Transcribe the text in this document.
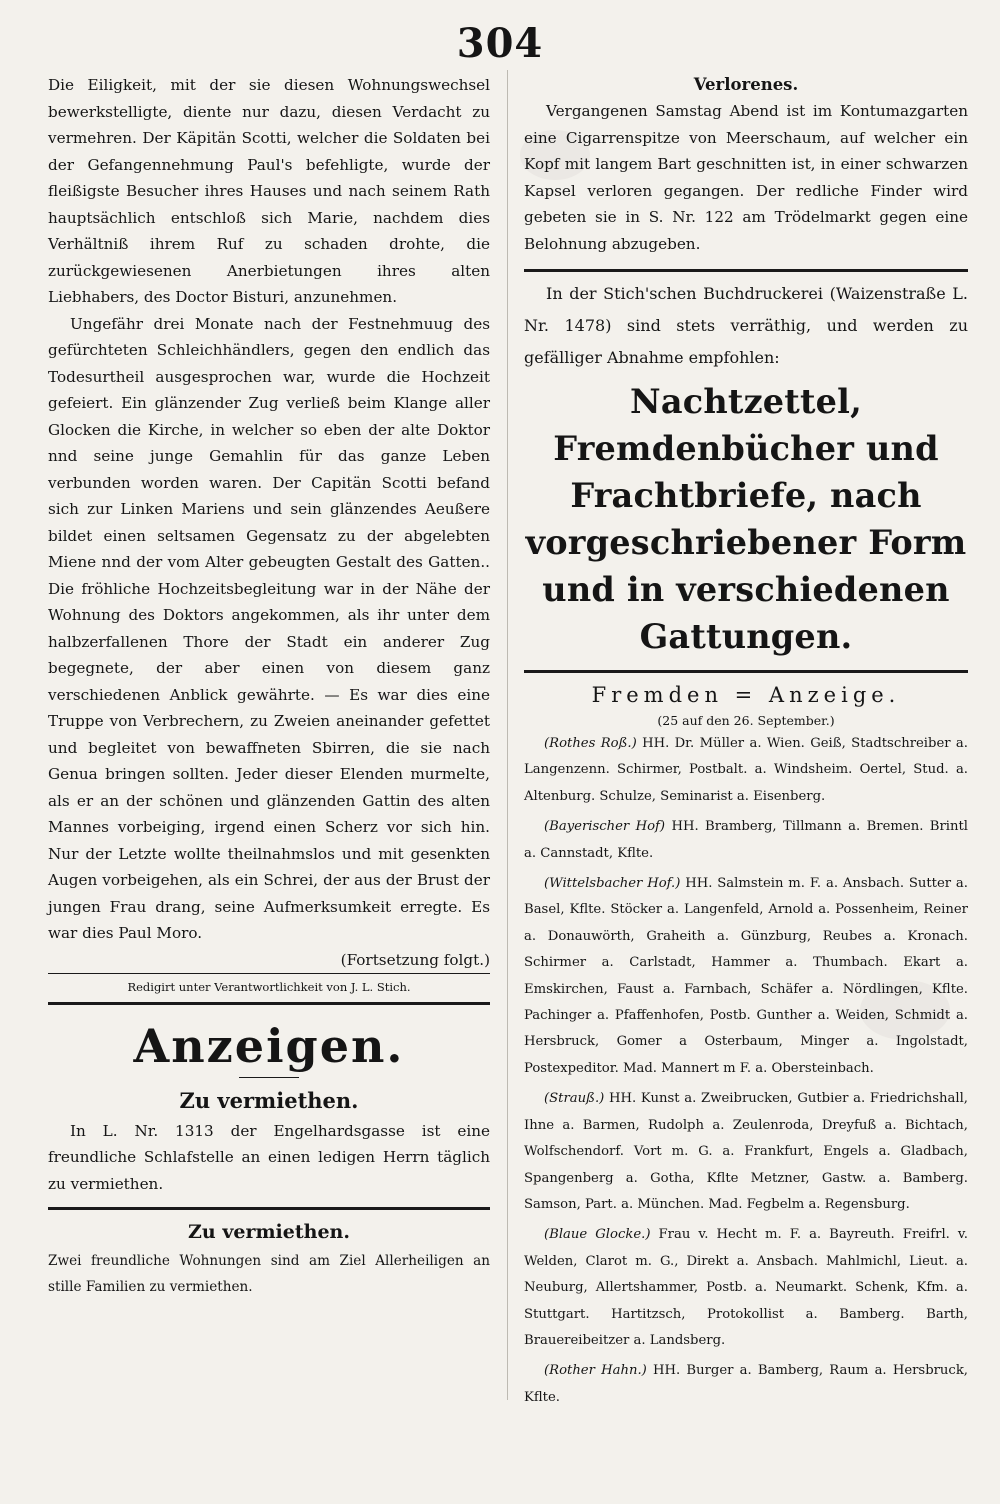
304

Die Eiligkeit, mit der sie diesen Wohnungswechsel bewerkstelligte, diente nur dazu, diesen Verdacht zu vermehren. Der Käpitän Scotti, welcher die Soldaten bei der Gefangennehmung Paul's befehligte, wurde der fleißigste Besucher ihres Hauses und nach seinem Rath hauptsächlich entschloß sich Marie, nachdem dies Verhältniß ihrem Ruf zu schaden drohte, die zurückgewiesenen Anerbietungen ihres alten Liebhabers, des Doctor Bisturi, anzunehmen.

Ungefähr drei Monate nach der Festnehmuug des gefürchteten Schleichhändlers, gegen den endlich das Todesurtheil ausgesprochen war, wurde die Hochzeit gefeiert. Ein glänzender Zug verließ beim Klange aller Glocken die Kirche, in welcher so eben der alte Doktor nnd seine junge Gemahlin für das ganze Leben verbunden worden waren. Der Capitän Scotti befand sich zur Linken Mariens und sein glänzendes Aeußere bildet einen seltsamen Gegensatz zu der abgelebten Miene nnd der vom Alter gebeugten Gestalt des Gatten.. Die fröhliche Hochzeitsbegleitung war in der Nähe der Wohnung des Doktors angekommen, als ihr unter dem halbzerfallenen Thore der Stadt ein anderer Zug begegnete, der aber einen von diesem ganz verschiedenen Anblick gewährte. — Es war dies eine Truppe von Verbrechern, zu Zweien aneinander gefettet und begleitet von bewaffneten Sbirren, die sie nach Genua bringen sollten. Jeder dieser Elenden murmelte, als er an der schönen und glänzenden Gattin des alten Mannes vorbeiging, irgend einen Scherz vor sich hin. Nur der Letzte wollte theilnahmslos und mit gesenkten Augen vorbeigehen, als ein Schrei, der aus der Brust der jungen Frau drang, seine Aufmerksumkeit erregte. Es war dies Paul Moro.

(Fortsetzung folgt.)

Redigirt unter Verantwortlichkeit von J. L. Stich.

Anzeigen.
Zu vermiethen.

In L. Nr. 1313 der Engelhardsgasse ist eine freundliche Schlafstelle an einen ledigen Herrn täglich zu vermiethen.

Zu vermiethen.

Zwei freundliche Wohnungen sind am Ziel Allerheiligen an stille Familien zu vermiethen.

Verlorenes.

Vergangenen Samstag Abend ist im Kontumazgarten eine Cigarrenspitze von Meerschaum, auf welcher ein Kopf mit langem Bart geschnitten ist, in einer schwarzen Kapsel verloren gegangen. Der redliche Finder wird gebeten sie in S. Nr. 122 am Trödelmarkt gegen eine Belohnung abzugeben.

In der Stich'schen Buchdruckerei (Waizenstraße L. Nr. 1478) sind stets verräthig, und werden zu gefälliger Abnahme empfohlen:

Nachtzettel, Fremdenbücher und Frachtbriefe, nach vorgeschriebener Form und in verschiedenen Gattungen.

Fremden = Anzeige.
(25 auf den 26. September.)

(Rothes Roß.) HH. Dr. Müller a. Wien. Geiß, Stadtschreiber a. Langenzenn. Schirmer, Postbalt. a. Windsheim. Oertel, Stud. a. Altenburg. Schulze, Seminarist a. Eisenberg.

(Bayerischer Hof) HH. Bramberg, Tillmann a. Bremen. Brintl a. Cannstadt, Kflte.

(Wittelsbacher Hof.) HH. Salmstein m. F. a. Ansbach. Sutter a. Basel, Kflte. Stöcker a. Langenfeld, Arnold a. Possenheim, Reiner a. Donauwörth, Graheith a. Günzburg, Reubes a. Kronach. Schirmer a. Carlstadt, Hammer a. Thumbach. Ekart a. Emskirchen, Faust a. Farnbach, Schäfer a. Nördlingen, Kflte. Pachinger a. Pfaffenhofen, Postb. Gunther a. Weiden, Schmidt a. Hersbruck, Gomer a Osterbaum, Minger a. Ingolstadt, Postexpeditor. Mad. Mannert m F. a. Obersteinbach.

(Strauß.) HH. Kunst a. Zweibrucken, Gutbier a. Friedrichshall, Ihne a. Barmen, Rudolph a. Zeulenroda, Dreyfuß a. Bichtach, Wolfschendorf. Vort m. G. a. Frankfurt, Engels a. Gladbach, Spangenberg a. Gotha, Kflte Metzner, Gastw. a. Bamberg. Samson, Part. a. München. Mad. Fegbelm a. Regensburg.

(Blaue Glocke.) Frau v. Hecht m. F. a. Bayreuth. Freifrl. v. Welden, Clarot m. G., Direkt a. Ansbach. Mahlmichl, Lieut. a. Neuburg, Allertshammer, Postb. a. Neumarkt. Schenk, Kfm. a. Stuttgart. Hartitzsch, Protokollist a. Bamberg. Barth, Brauereibeitzer a. Landsberg.

(Rother Hahn.) HH. Burger a. Bamberg, Raum a. Hersbruck, Kflte.
